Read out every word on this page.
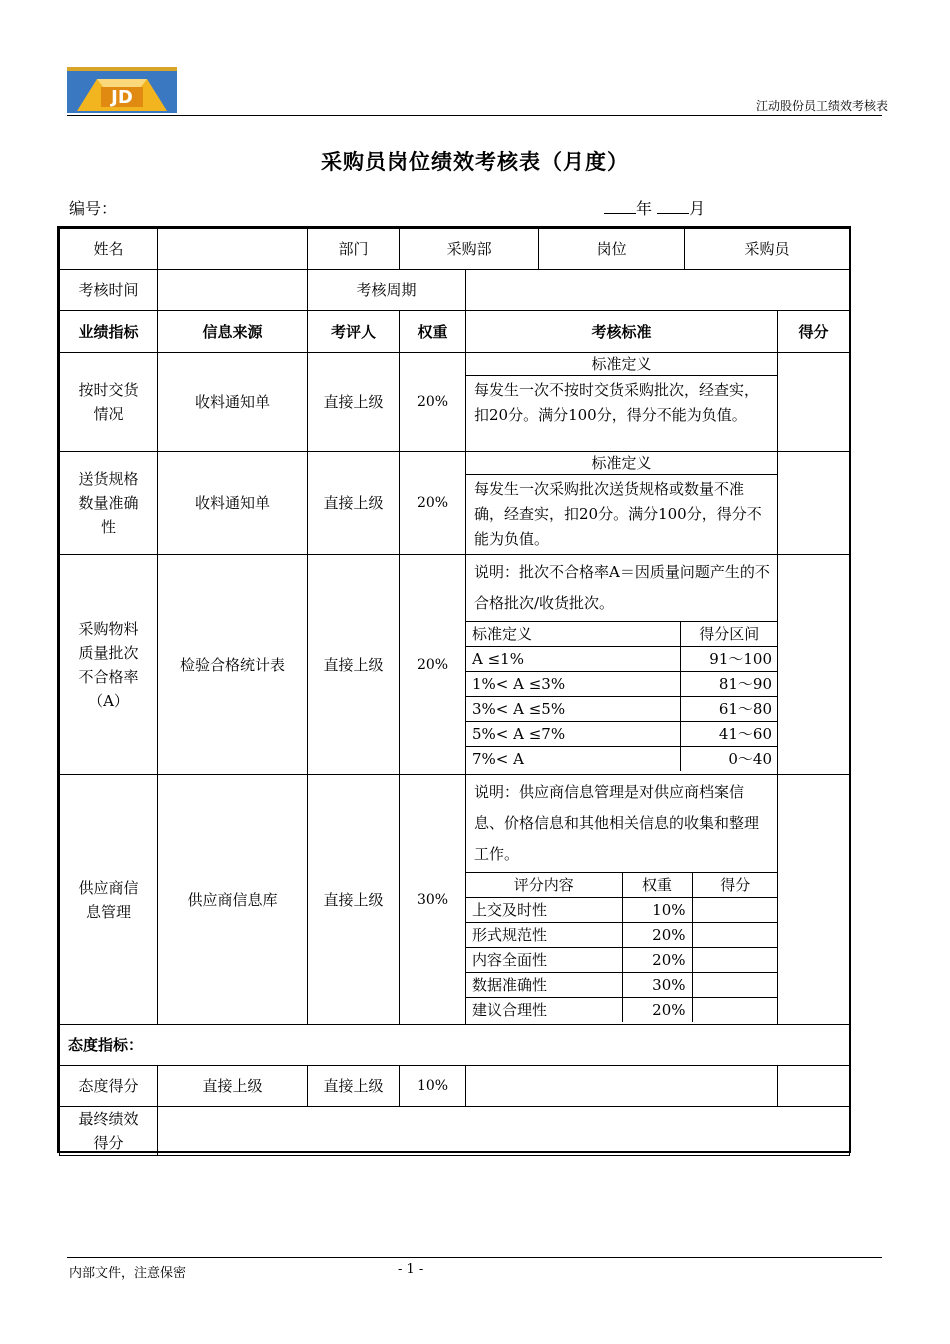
JD	江动股份员工绩效考核表
采购员岗位绩效考核表（月度）
编号：	年 月
姓名		部门		采购部	岗位	采购员

考核时间		考核周期	
业绩指标	信息来源	考评人	权重	考核标准	得分
按时交货情况	收料通知单	直接上级	20%	
标准定义
每发生一次不按时交货采购批次，经查实，扣20分。满分100分，得分不能为负值。

送货规格数量准确性	收料通知单	直接上级	20%	
标准定义
每发生一次采购批次送货规格或数量不准确，经查实，扣20分。满分100分，得分不能为负值。

采购物料质量批次不合格率（A）	检验合格统计表	直接上级	20%	
说明：批次不合格率A＝因质量问题产生的不合格批次/收货批次。
标准定义	得分区间
A ≤1%	91～100
1%< A ≤3%	81～90
3%< A ≤5%	61～80
5%< A ≤7%	41～60
7%< A	0～40

供应商信息管理	供应商信息库	直接上级	30%	
说明：供应商信息管理是对供应商档案信息、价格信息和其他相关信息的收集和整理工作。
评分内容	权重	得分
上交及时性	10%	
形式规范性	20%	
内容全面性	20%	
数据准确性	30%	
建议合理性	20%	

态度指标：
态度得分	直接上级	直接上级	10%		
最终绩效得分	
内部文件，注意保密	- 1 -
